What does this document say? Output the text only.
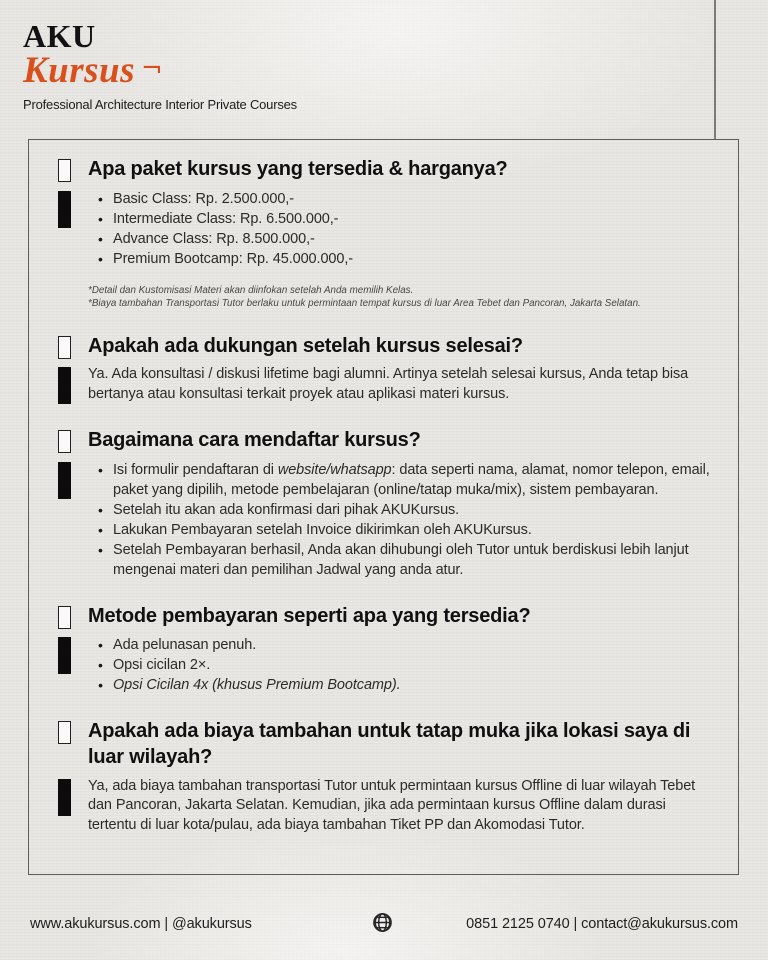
AKU
Kursus ¬
Professional Architecture Interior Private Courses
Apa paket kursus yang tersedia & harganya?
• Basic Class: Rp. 2.500.000,-
• Intermediate Class: Rp. 6.500.000,-
• Advance Class: Rp. 8.500.000,-
• Premium Bootcamp: Rp. 45.000.000,-
*Detail dan Kustomisasi Materi akan diinfokan setelah Anda memilih Kelas.
*Biaya tambahan Transportasi Tutor berlaku untuk permintaan tempat kursus di luar Area Tebet dan Pancoran, Jakarta Selatan.
Apakah ada dukungan setelah kursus selesai?

Ya. Ada konsultasi / diskusi lifetime bagi alumni. Artinya setelah selesai kursus, Anda tetap bisa bertanya atau konsultasi terkait proyek atau aplikasi materi kursus.

Bagaimana cara mendaftar kursus?
• Isi formulir pendaftaran di website/whatsapp: data seperti nama, alamat, nomor telepon, email, paket yang dipilih, metode pembelajaran (online/tatap muka/mix), sistem pembayaran.
• Setelah itu akan ada konfirmasi dari pihak AKUKursus.
• Lakukan Pembayaran setelah Invoice dikirimkan oleh AKUKursus.
• Setelah Pembayaran berhasil, Anda akan dihubungi oleh Tutor untuk berdiskusi lebih lanjut mengenai materi dan pemilihan Jadwal yang anda atur.
Metode pembayaran seperti apa yang tersedia?
• Ada pelunasan penuh.
• Opsi cicilan 2×.
• Opsi Cicilan 4x (khusus Premium Bootcamp).
Apakah ada biaya tambahan untuk tatap muka jika lokasi saya di luar wilayah?

Ya, ada biaya tambahan transportasi Tutor untuk permintaan kursus Offline di luar wilayah Tebet dan Pancoran, Jakarta Selatan. Kemudian, jika ada permintaan kursus Offline dalam durasi tertentu di luar kota/pulau, ada biaya tambahan Tiket PP dan Akomodasi Tutor.

www.akukursus.com | @akukursus	0851 2125 0740 | contact@akukursus.com
